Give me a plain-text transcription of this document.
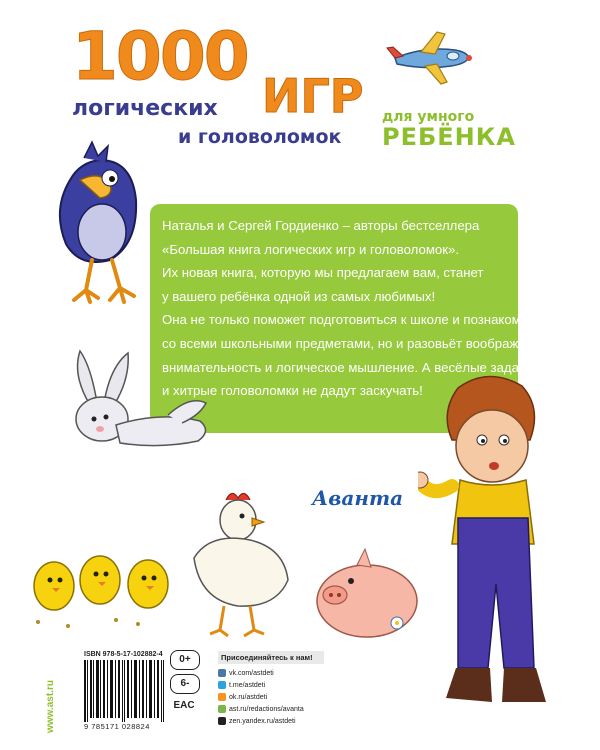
1000
логических ИГР
и головоломок
для умного
РЕБЁНКА
Наталья и Сергей Гордиенко – авторы бестселлера
«Большая книга логических игр и головоломок».
Их новая книга, которую мы предлагаем вам, станет
у вашего ребёнка одной из самых любимых!
Она не только поможет подготовиться к школе и познакомит
со всеми школьными предметами, но и разовьёт воображение,
внимательность и логическое мышление. А весёлые задания
и хитрые головоломки не дадут заскучать!
Аванта
www.ast.ru
ISBN 978-5-17-102882-4
9 785171 028824
0+
6-
EAC
Присоединяйтесь к нам!
vk.com/astdeti
t.me/astdeti
ok.ru/astdeti
ast.ru/redactions/avanta
zen.yandex.ru/astdeti
